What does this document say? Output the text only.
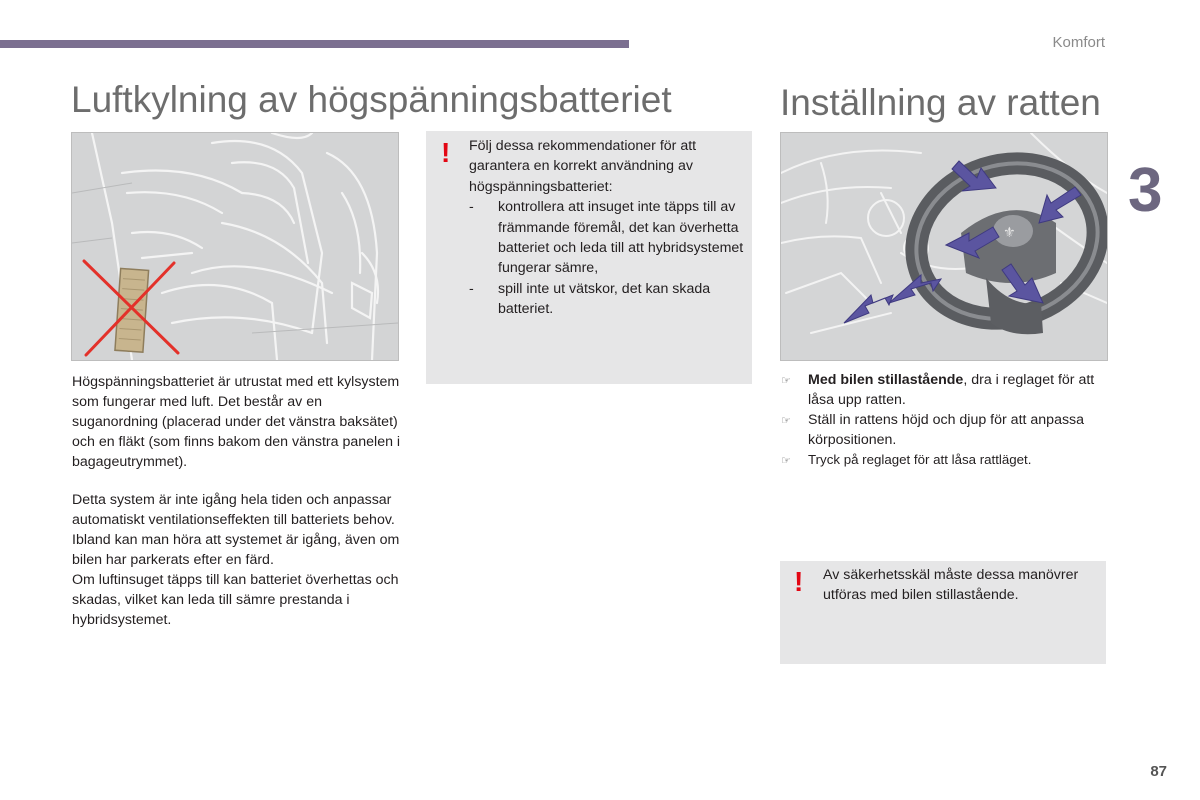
Komfort
3
Luftkylning av högspänningsbatteriet	Inställning av ratten
⚜

Högspänningsbatteriet är utrustat med ett kylsystem som fungerar med luft. Det består av en suganordning (placerad under det vänstra baksätet) och en fläkt (som finns bakom den vänstra panelen i bagageutrymmet).

Detta system är inte igång hela tiden och anpassar automatiskt ventilationseffekten till batteriets behov.

Ibland kan man höra att systemet är igång, även om bilen har parkerats efter en färd.

Om luftinsuget täpps till kan batteriet överhettas och skadas, vilket kan leda till sämre prestanda i hybridsystemet.

! Följ dessa rekommendationer för att garantera en korrekt användning av högspänningsbatteriet:
-	kontrollera att insuget inte täpps till av främmande föremål, det kan överhetta batteriet och leda till att hybridsystemet fungerar sämre,
-	spill inte ut vätskor, det kan skada batteriet.
☞	Med bilen stillastående, dra i reglaget för att låsa upp ratten.
☞	Ställ in rattens höjd och djup för att anpassa körpositionen.
☞	Tryck på reglaget för att låsa rattläget.
! Av säkerhetsskäl måste dessa manövrer utföras med bilen stillastående.
87
